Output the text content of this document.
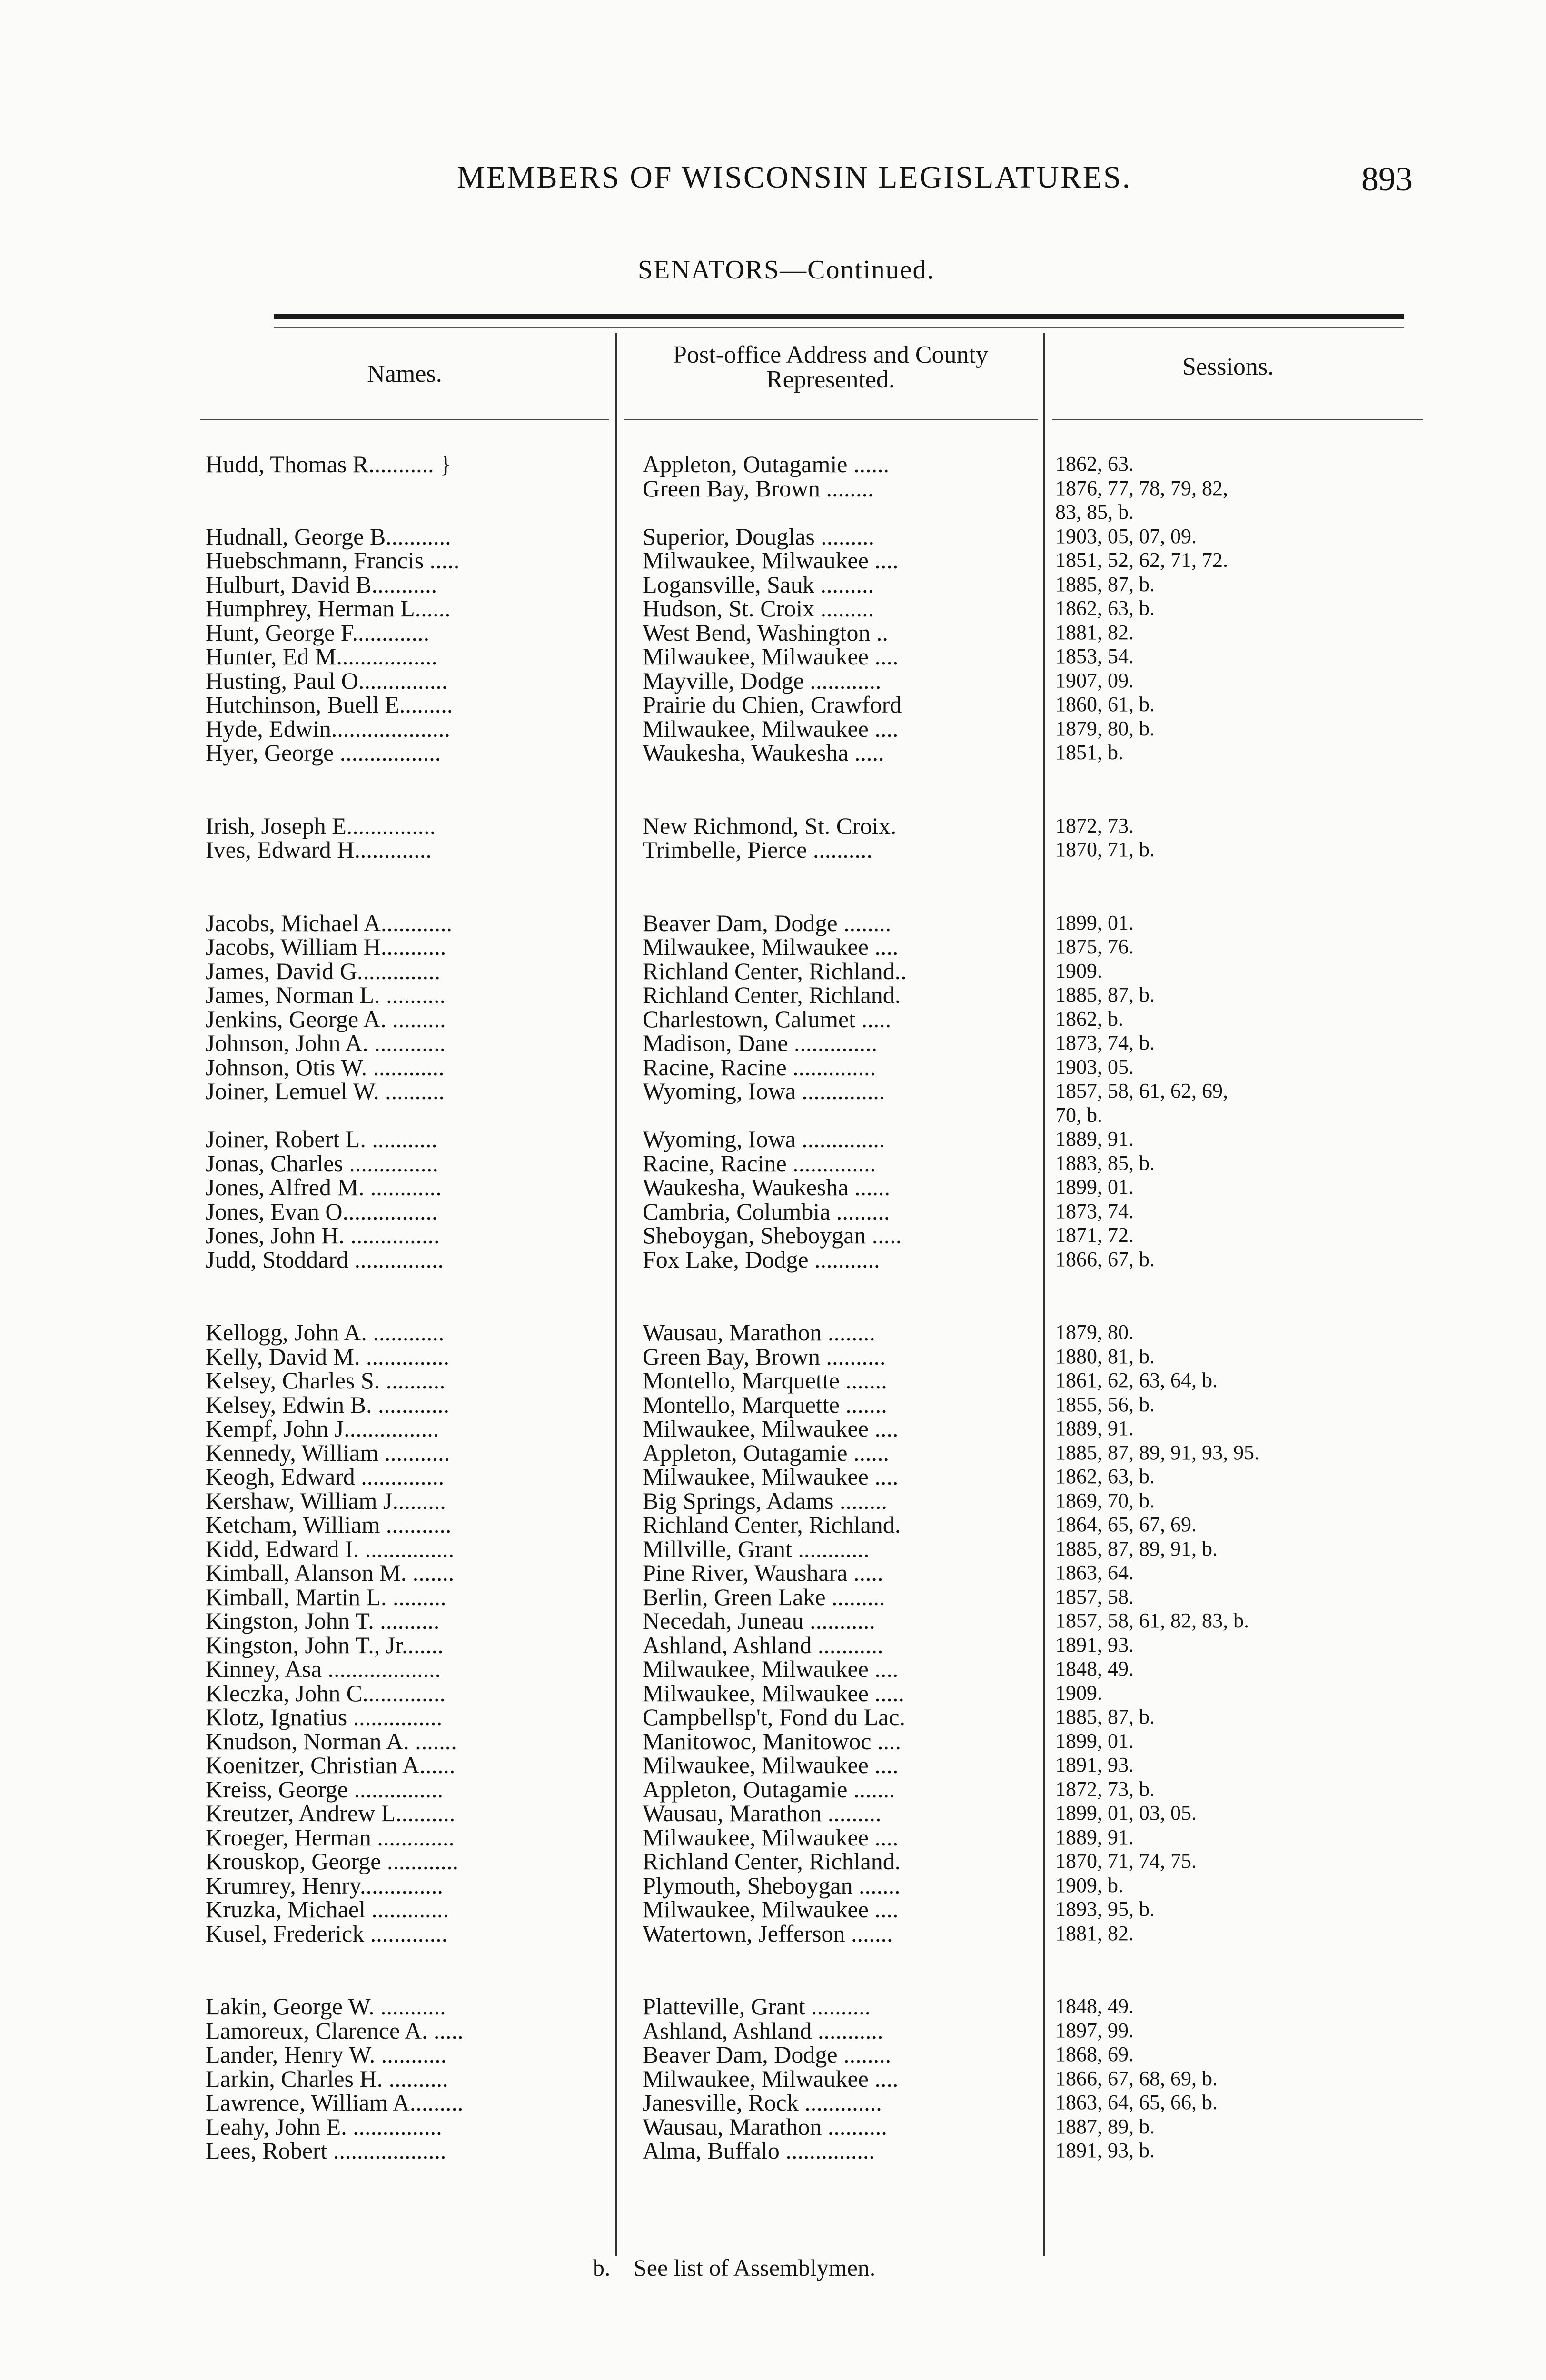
MEMBERS OF WISCONSIN LEGISLATURES.	893
SENATORS—Continued.
Names.
Post-office Address and County Represented.	Sessions.
Hudd, Thomas R........... }	Appleton, Outagamie ......	1862, 63.
Green Bay, Brown ........	1876, 77, 78, 79, 82,
83, 85, b.
Hudnall, George B...........	Superior, Douglas .........	1903, 05, 07, 09.
Huebschmann, Francis .....	Milwaukee, Milwaukee ....	1851, 52, 62, 71, 72.
Hulburt, David B...........	Logansville, Sauk .........	1885, 87, b.
Humphrey, Herman L......	Hudson, St. Croix .........	1862, 63, b.
Hunt, George F.............	West Bend, Washington ..	1881, 82.
Hunter, Ed M.................	Milwaukee, Milwaukee ....	1853, 54.
Husting, Paul O...............	Mayville, Dodge ............	1907, 09.
Hutchinson, Buell E.........	Prairie du Chien, Crawford	1860, 61, b.
Hyde, Edwin....................	Milwaukee, Milwaukee ....	1879, 80, b.
Hyer, George .................	Waukesha, Waukesha .....	1851, b.
Irish, Joseph E...............	New Richmond, St. Croix.	1872, 73.
Ives, Edward H.............	Trimbelle, Pierce ..........	1870, 71, b.
Jacobs, Michael A............	Beaver Dam, Dodge ........	1899, 01.
Jacobs, William H...........	Milwaukee, Milwaukee ....	1875, 76.
James, David G..............	Richland Center, Richland..	1909.
James, Norman L. ..........	Richland Center, Richland.	1885, 87, b.
Jenkins, George A. .........	Charlestown, Calumet .....	1862, b.
Johnson, John A. ............	Madison, Dane ..............	1873, 74, b.
Johnson, Otis W. ............	Racine, Racine ..............	1903, 05.
Joiner, Lemuel W. ..........	Wyoming, Iowa ..............	1857, 58, 61, 62, 69,
70, b.
Joiner, Robert L. ...........	Wyoming, Iowa ..............	1889, 91.
Jonas, Charles ...............	Racine, Racine ..............	1883, 85, b.
Jones, Alfred M. ............	Waukesha, Waukesha ......	1899, 01.
Jones, Evan O................	Cambria, Columbia .........	1873, 74.
Jones, John H. ...............	Sheboygan, Sheboygan .....	1871, 72.
Judd, Stoddard ...............	Fox Lake, Dodge ...........	1866, 67, b.
Kellogg, John A. ............	Wausau, Marathon ........	1879, 80.
Kelly, David M. ..............	Green Bay, Brown ..........	1880, 81, b.
Kelsey, Charles S. ..........	Montello, Marquette .......	1861, 62, 63, 64, b.
Kelsey, Edwin B. ............	Montello, Marquette .......	1855, 56, b.
Kempf, John J................	Milwaukee, Milwaukee ....	1889, 91.
Kennedy, William ...........	Appleton, Outagamie ......	1885, 87, 89, 91, 93, 95.
Keogh, Edward ..............	Milwaukee, Milwaukee ....	1862, 63, b.
Kershaw, William J.........	Big Springs, Adams ........	1869, 70, b.
Ketcham, William ...........	Richland Center, Richland.	1864, 65, 67, 69.
Kidd, Edward I. ...............	Millville, Grant ............	1885, 87, 89, 91, b.
Kimball, Alanson M. .......	Pine River, Waushara .....	1863, 64.
Kimball, Martin L. .........	Berlin, Green Lake .........	1857, 58.
Kingston, John T. ..........	Necedah, Juneau ...........	1857, 58, 61, 82, 83, b.
Kingston, John T., Jr.......	Ashland, Ashland ...........	1891, 93.
Kinney, Asa ...................	Milwaukee, Milwaukee ....	1848, 49.
Kleczka, John C..............	Milwaukee, Milwaukee .....	1909.
Klotz, Ignatius ...............	Campbellsp't, Fond du Lac.	1885, 87, b.
Knudson, Norman A. .......	Manitowoc, Manitowoc ....	1899, 01.
Koenitzer, Christian A......	Milwaukee, Milwaukee ....	1891, 93.
Kreiss, George ...............	Appleton, Outagamie .......	1872, 73, b.
Kreutzer, Andrew L..........	Wausau, Marathon .........	1899, 01, 03, 05.
Kroeger, Herman .............	Milwaukee, Milwaukee ....	1889, 91.
Krouskop, George ............	Richland Center, Richland.	1870, 71, 74, 75.
Krumrey, Henry..............	Plymouth, Sheboygan .......	1909, b.
Kruzka, Michael .............	Milwaukee, Milwaukee ....	1893, 95, b.
Kusel, Frederick .............	Watertown, Jefferson .......	1881, 82.
Lakin, George W. ...........	Platteville, Grant ..........	1848, 49.
Lamoreux, Clarence A. .....	Ashland, Ashland ...........	1897, 99.
Lander, Henry W. ...........	Beaver Dam, Dodge ........	1868, 69.
Larkin, Charles H. ..........	Milwaukee, Milwaukee ....	1866, 67, 68, 69, b.
Lawrence, William A.........	Janesville, Rock .............	1863, 64, 65, 66, b.
Leahy, John E. ...............	Wausau, Marathon ..........	1887, 89, b.
Lees, Robert ...................	Alma, Buffalo ...............	1891, 93, b.
b. See list of Assemblymen.
